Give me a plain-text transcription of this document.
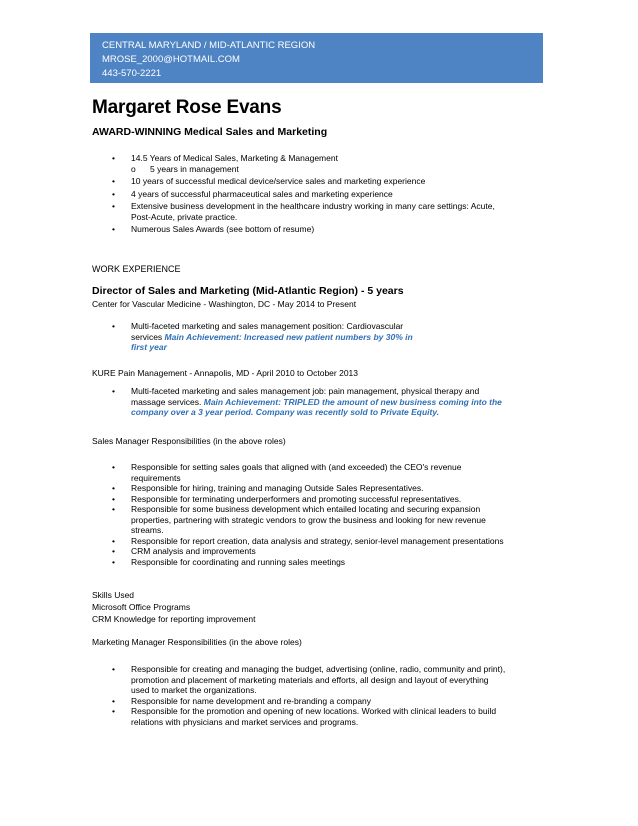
CENTRAL MARYLAND / MID-ATLANTIC REGION
MROSE_2000@HOTMAIL.COM
443-570-2221
Margaret Rose Evans
AWARD-WINNING Medical Sales and Marketing
• 14.5 Years of Medical Sales, Marketing & Management
o 5 years in management
• 10 years of successful medical device/service sales and marketing experience
• 4 years of successful pharmaceutical sales and marketing experience
• Extensive business development in the healthcare industry working in many care settings: Acute,
Post-Acute, private practice.
• Numerous Sales Awards (see bottom of resume)
WORK EXPERIENCE
Director of Sales and Marketing (Mid-Atlantic Region) - 5 years
Center for Vascular Medicine - Washington, DC - May 2014 to Present
• Multi-faceted marketing and sales management position: Cardiovascular
services Main Achievement: Increased new patient numbers by 30% in
first year
KURE Pain Management - Annapolis, MD - April 2010 to October 2013
• Multi-faceted marketing and sales management job: pain management, physical therapy and
massage services. Main Achievement: TRIPLED the amount of new business coming into the
company over a 3 year period. Company was recently sold to Private Equity.
Sales Manager Responsibilities (in the above roles)
• Responsible for setting sales goals that aligned with (and exceeded) the CEO's revenue
requirements
• Responsible for hiring, training and managing Outside Sales Representatives.
• Responsible for terminating underperformers and promoting successful representatives.
• Responsible for some business development which entailed locating and securing expansion
properties, partnering with strategic vendors to grow the business and looking for new revenue
streams.
• Responsible for report creation, data analysis and strategy, senior-level management presentations
• CRM analysis and improvements
• Responsible for coordinating and running sales meetings
Skills Used
Microsoft Office Programs
CRM Knowledge for reporting improvement
Marketing Manager Responsibilities (in the above roles)
• Responsible for creating and managing the budget, advertising (online, radio, community and print),
promotion and placement of marketing materials and efforts, all design and layout of everything
used to market the organizations.
• Responsible for name development and re-branding a company
• Responsible for the promotion and opening of new locations. Worked with clinical leaders to build
relations with physicians and market services and programs.
